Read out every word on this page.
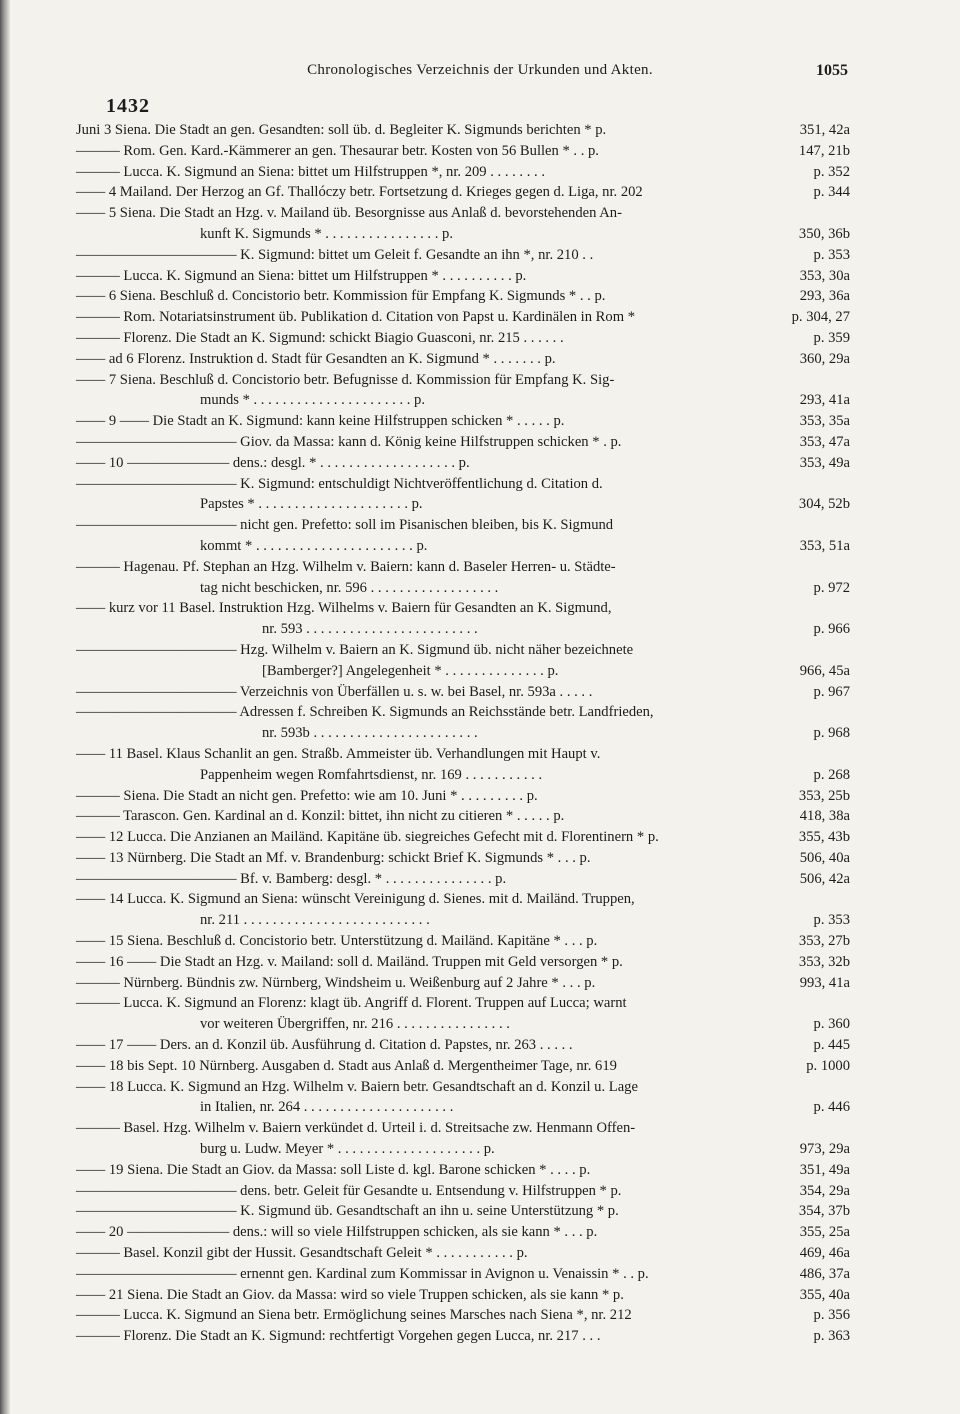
Chronologisches Verzeichnis der Urkunden und Akten.	1055
1432
Juni 3 Siena. Die Stadt an gen. Gesandten: soll üb. d. Begleiter K. Sigmunds berichten * p.	351, 42a
——— Rom. Gen. Kard.-Kämmerer an gen. Thesaurar betr. Kosten von 56 Bullen * . . p.	147, 21b
——— Lucca. K. Sigmund an Siena: bittet um Hilfstruppen *, nr. 209 . . . . . . . .	p. 352
—— 4 Mailand. Der Herzog an Gf. Thallóczy betr. Fortsetzung d. Krieges gegen d. Liga, nr. 202	p. 344
—— 5 Siena. Die Stadt an Hzg. v. Mailand üb. Besorgnisse aus Anlaß d. bevorstehenden An-
kunft K. Sigmunds * . . . . . . . . . . . . . . . . p.	350, 36b
——————————— K. Sigmund: bittet um Geleit f. Gesandte an ihn *, nr. 210 . .	p. 353
——— Lucca. K. Sigmund an Siena: bittet um Hilfstruppen * . . . . . . . . . . p.	353, 30a
—— 6 Siena. Beschluß d. Concistorio betr. Kommission für Empfang K. Sigmunds * . . p.	293, 36a
——— Rom. Notariatsinstrument üb. Publikation d. Citation von Papst u. Kardinälen in Rom *	p. 304, 27
——— Florenz. Die Stadt an K. Sigmund: schickt Biagio Guasconi, nr. 215 . . . . . .	p. 359
—— ad 6 Florenz. Instruktion d. Stadt für Gesandten an K. Sigmund * . . . . . . . p.	360, 29a
—— 7 Siena. Beschluß d. Concistorio betr. Befugnisse d. Kommission für Empfang K. Sig-
munds * . . . . . . . . . . . . . . . . . . . . . . p.	293, 41a
—— 9 —— Die Stadt an K. Sigmund: kann keine Hilfstruppen schicken * . . . . . p.	353, 35a
——————————— Giov. da Massa: kann d. König keine Hilfstruppen schicken * . p.	353, 47a
—— 10 ——————— dens.: desgl. * . . . . . . . . . . . . . . . . . . . p.	353, 49a
——————————— K. Sigmund: entschuldigt Nichtveröffentlichung d. Citation d.
Papstes * . . . . . . . . . . . . . . . . . . . . . p.	304, 52b
——————————— nicht gen. Prefetto: soll im Pisanischen bleiben, bis K. Sigmund
kommt * . . . . . . . . . . . . . . . . . . . . . . p.	353, 51a
——— Hagenau. Pf. Stephan an Hzg. Wilhelm v. Baiern: kann d. Baseler Herren- u. Städte-
tag nicht beschicken, nr. 596 . . . . . . . . . . . . . . . . . .	p. 972
—— kurz vor 11 Basel. Instruktion Hzg. Wilhelms v. Baiern für Gesandten an K. Sigmund,
nr. 593 . . . . . . . . . . . . . . . . . . . . . . . .	p. 966
——————————— Hzg. Wilhelm v. Baiern an K. Sigmund üb. nicht näher bezeichnete
[Bamberger?] Angelegenheit * . . . . . . . . . . . . . . p.	966, 45a
——————————— Verzeichnis von Überfällen u. s. w. bei Basel, nr. 593a . . . . .	p. 967
——————————— Adressen f. Schreiben K. Sigmunds an Reichsstände betr. Landfrieden,
nr. 593b . . . . . . . . . . . . . . . . . . . . . . .	p. 968
—— 11 Basel. Klaus Schanlit an gen. Straßb. Ammeister üb. Verhandlungen mit Haupt v.
Pappenheim wegen Romfahrtsdienst, nr. 169 . . . . . . . . . . .	p. 268
——— Siena. Die Stadt an nicht gen. Prefetto: wie am 10. Juni * . . . . . . . . . p.	353, 25b
——— Tarascon. Gen. Kardinal an d. Konzil: bittet, ihn nicht zu citieren * . . . . . p.	418, 38a
—— 12 Lucca. Die Anzianen an Mailänd. Kapitäne üb. siegreiches Gefecht mit d. Florentinern * p.	355, 43b
—— 13 Nürnberg. Die Stadt an Mf. v. Brandenburg: schickt Brief K. Sigmunds * . . . p.	506, 40a
——————————— Bf. v. Bamberg: desgl. * . . . . . . . . . . . . . . . p.	506, 42a
—— 14 Lucca. K. Sigmund an Siena: wünscht Vereinigung d. Sienes. mit d. Mailänd. Truppen,
nr. 211 . . . . . . . . . . . . . . . . . . . . . . . . . .	p. 353
—— 15 Siena. Beschluß d. Concistorio betr. Unterstützung d. Mailänd. Kapitäne * . . . p.	353, 27b
—— 16 —— Die Stadt an Hzg. v. Mailand: soll d. Mailänd. Truppen mit Geld versorgen * p.	353, 32b
——— Nürnberg. Bündnis zw. Nürnberg, Windsheim u. Weißenburg auf 2 Jahre * . . . p.	993, 41a
——— Lucca. K. Sigmund an Florenz: klagt üb. Angriff d. Florent. Truppen auf Lucca; warnt
vor weiteren Übergriffen, nr. 216 . . . . . . . . . . . . . . . .	p. 360
—— 17 —— Ders. an d. Konzil üb. Ausführung d. Citation d. Papstes, nr. 263 . . . . .	p. 445
—— 18 bis Sept. 10 Nürnberg. Ausgaben d. Stadt aus Anlaß d. Mergentheimer Tage, nr. 619	p. 1000
—— 18 Lucca. K. Sigmund an Hzg. Wilhelm v. Baiern betr. Gesandtschaft an d. Konzil u. Lage
in Italien, nr. 264 . . . . . . . . . . . . . . . . . . . . .	p. 446
——— Basel. Hzg. Wilhelm v. Baiern verkündet d. Urteil i. d. Streitsache zw. Henmann Offen-
burg u. Ludw. Meyer * . . . . . . . . . . . . . . . . . . . . p.	973, 29a
—— 19 Siena. Die Stadt an Giov. da Massa: soll Liste d. kgl. Barone schicken * . . . . p.	351, 49a
——————————— dens. betr. Geleit für Gesandte u. Entsendung v. Hilfstruppen * p.	354, 29a
——————————— K. Sigmund üb. Gesandtschaft an ihn u. seine Unterstützung * p.	354, 37b
—— 20 ——————— dens.: will so viele Hilfstruppen schicken, als sie kann * . . . p.	355, 25a
——— Basel. Konzil gibt der Hussit. Gesandtschaft Geleit * . . . . . . . . . . . p.	469, 46a
——————————— ernennt gen. Kardinal zum Kommissar in Avignon u. Venaissin * . . p.	486, 37a
—— 21 Siena. Die Stadt an Giov. da Massa: wird so viele Truppen schicken, als sie kann * p.	355, 40a
——— Lucca. K. Sigmund an Siena betr. Ermöglichung seines Marsches nach Siena *, nr. 212	p. 356
——— Florenz. Die Stadt an K. Sigmund: rechtfertigt Vorgehen gegen Lucca, nr. 217 . . .	p. 363
